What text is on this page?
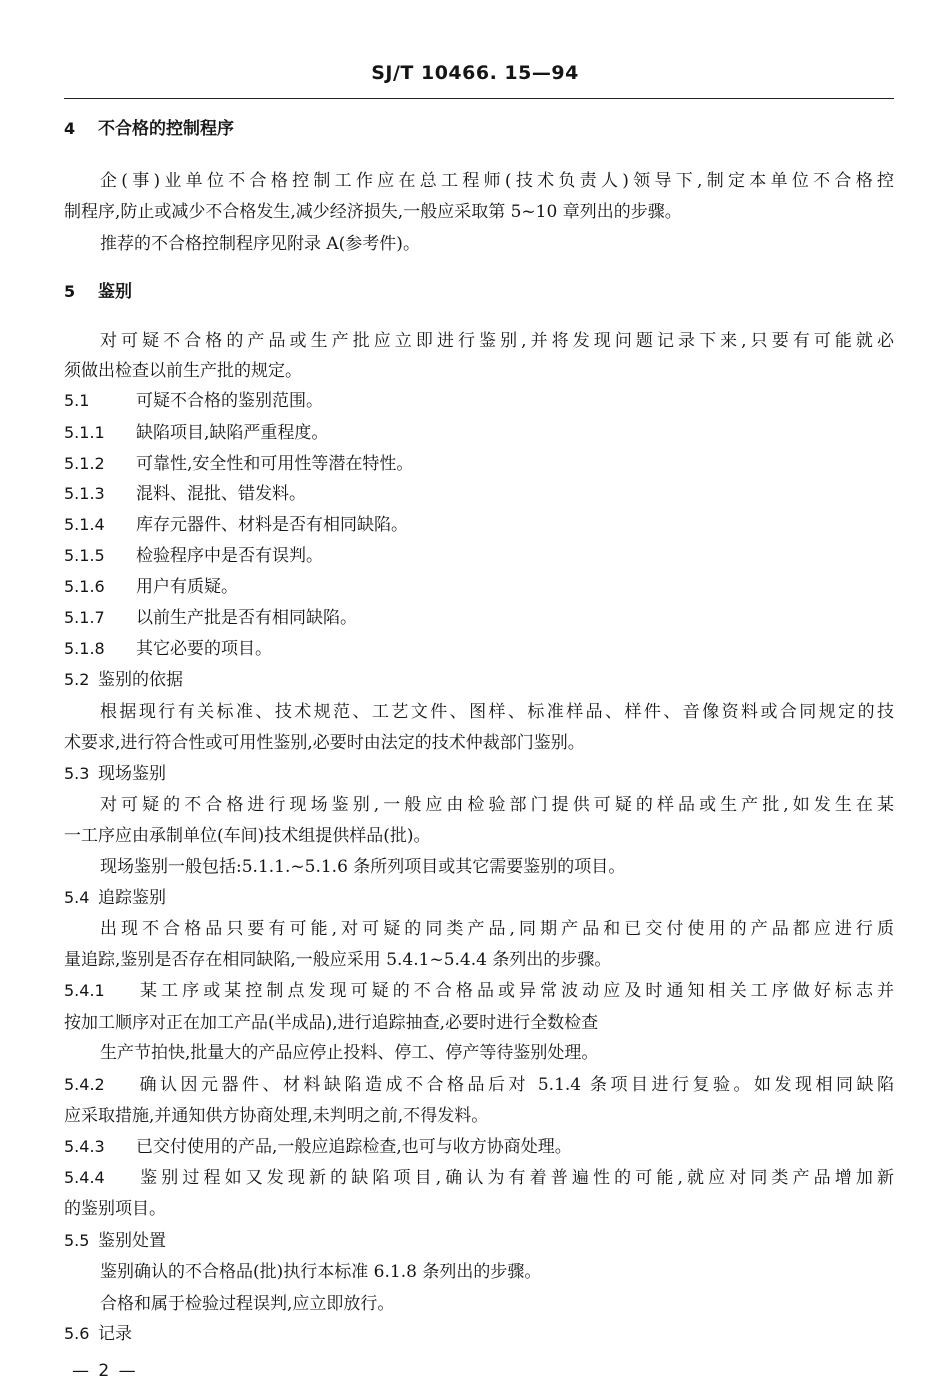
SJ/T 10466. 15—94
4 不合格的控制程序
企(事)业单位不合格控制工作应在总工程师(技术负责人)领导下,制定本单位不合格控
制程序,防止或减少不合格发生,减少经济损失,一般应采取第 5~10 章列出的步骤。
推荐的不合格控制程序见附录 A(参考件)。
5 鉴别
对可疑不合格的产品或生产批应立即进行鉴别,并将发现问题记录下来,只要有可能就必
须做出检查以前生产批的规定。
5.1	可疑不合格的鉴别范围。
5.1.1 缺陷项目,缺陷严重程度。
5.1.2 可靠性,安全性和可用性等潜在特性。
5.1.3 混料、混批、错发料。
5.1.4 库存元器件、材料是否有相同缺陷。
5.1.5 检验程序中是否有误判。
5.1.6 用户有质疑。
5.1.7 以前生产批是否有相同缺陷。
5.1.8 其它必要的项目。
5.2 鉴别的依据
根据现行有关标准、技术规范、工艺文件、图样、标准样品、样件、音像资料或合同规定的技
术要求,进行符合性或可用性鉴别,必要时由法定的技术仲裁部门鉴别。
5.3 现场鉴别
对可疑的不合格进行现场鉴别,一般应由检验部门提供可疑的样品或生产批,如发生在某
一工序应由承制单位(车间)技术组提供样品(批)。
现场鉴别一般包括:5.1.1.~5.1.6 条所列项目或其它需要鉴别的项目。
5.4 追踪鉴别
出现不合格品只要有可能,对可疑的同类产品,同期产品和已交付使用的产品都应进行质
量追踪,鉴别是否存在相同缺陷,一般应采用 5.4.1~5.4.4 条列出的步骤。
5.4.1 某工序或某控制点发现可疑的不合格品或异常波动应及时通知相关工序做好标志并
按加工顺序对正在加工产品(半成品),进行追踪抽查,必要时进行全数检查
生产节拍快,批量大的产品应停止投料、停工、停产等待鉴别处理。
5.4.2 确认因元器件、材料缺陷造成不合格品后对 5.1.4 条项目进行复验。如发现相同缺陷
应采取措施,并通知供方协商处理,未判明之前,不得发料。
5.4.3 已交付使用的产品,一般应追踪检查,也可与收方协商处理。
5.4.4 鉴别过程如又发现新的缺陷项目,确认为有着普遍性的可能,就应对同类产品增加新
的鉴别项目。
5.5 鉴别处置
鉴别确认的不合格品(批)执行本标准 6.1.8 条列出的步骤。
合格和属于检验过程误判,应立即放行。
5.6 记录
— 2 —
